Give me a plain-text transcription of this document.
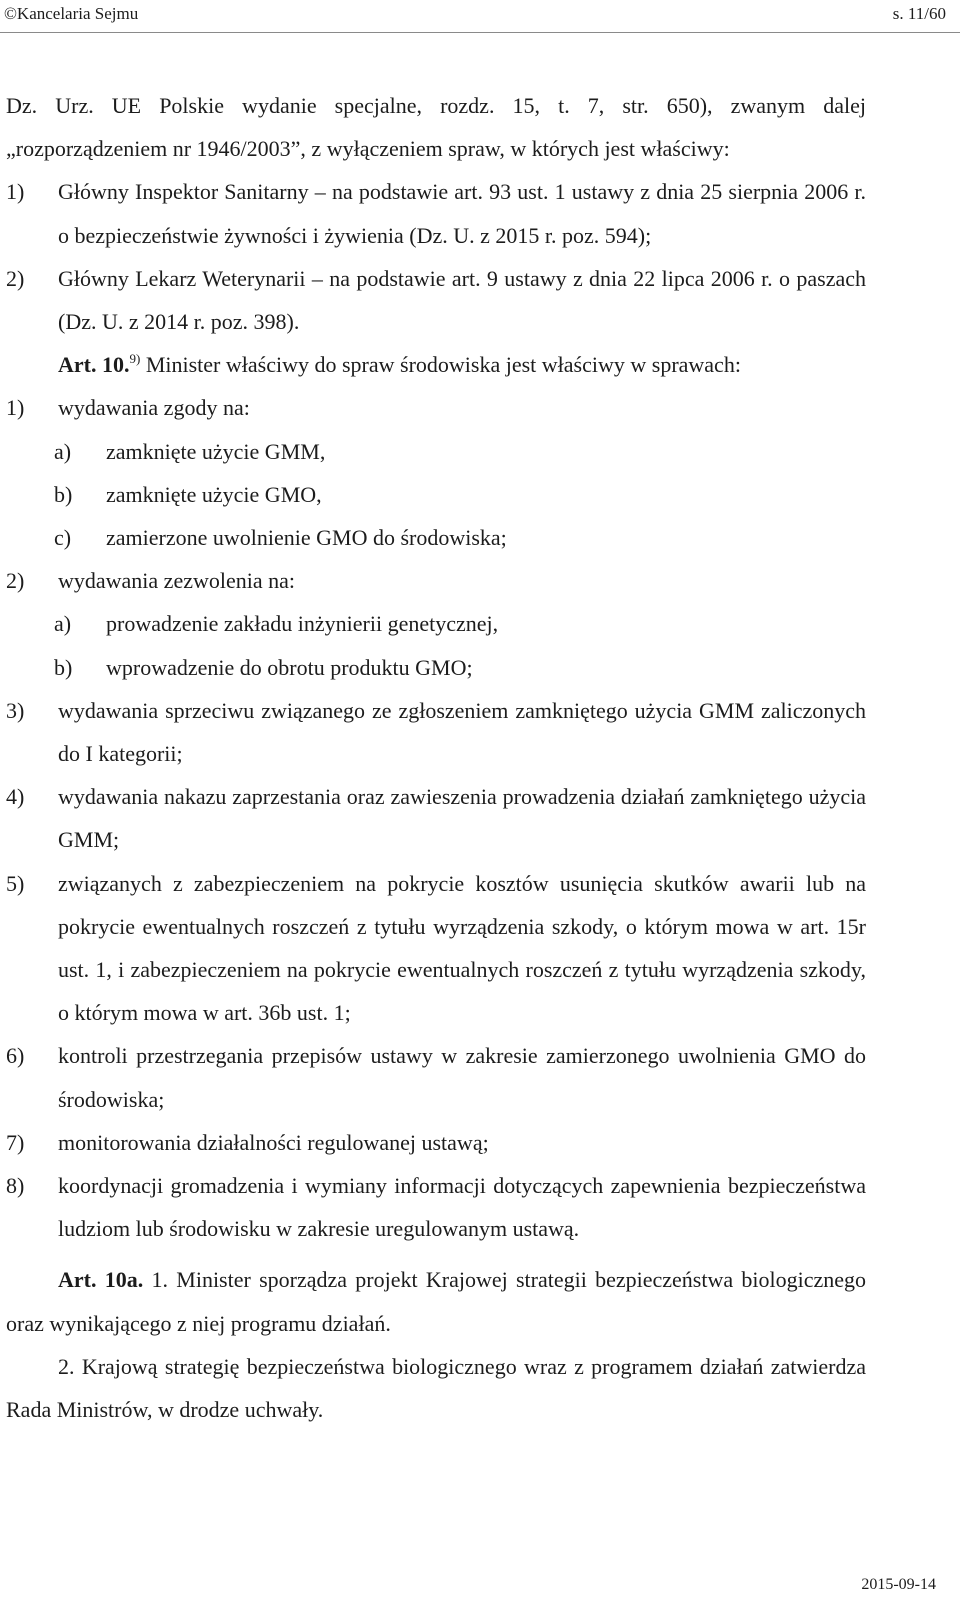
©Kancelaria Sejmu	s. 11/60

Dz. Urz. UE Polskie wydanie specjalne, rozdz. 15, t. 7, str. 650), zwanym dalej

„rozporządzeniem nr 1946/2003”, z wyłączeniem spraw, w których jest właściwy:

1) Główny Inspektor Sanitarny – na podstawie art. 93 ust. 1 ustawy z dnia 25 sierpnia 2006 r. o bezpieczeństwie żywności i żywienia (Dz. U. z 2015 r. poz. 594);

2) Główny Lekarz Weterynarii – na podstawie art. 9 ustawy z dnia 22 lipca 2006 r. o paszach (Dz. U. z 2014 r. poz. 398).

Art. 10.$^{9)}$ Minister właściwy do spraw środowiska jest właściwy w sprawach:

1) wydawania zgody na:

a) zamknięte użycie GMM,

b) zamknięte użycie GMO,

c) zamierzone uwolnienie GMO do środowiska;

2) wydawania zezwolenia na:

a) prowadzenie zakładu inżynierii genetycznej,

b) wprowadzenie do obrotu produktu GMO;

3) wydawania sprzeciwu związanego ze zgłoszeniem zamkniętego użycia GMM zaliczonych do I kategorii;

4) wydawania nakazu zaprzestania oraz zawieszenia prowadzenia działań zamkniętego użycia GMM;

5) związanych z zabezpieczeniem na pokrycie kosztów usunięcia skutków awarii lub na pokrycie ewentualnych roszczeń z tytułu wyrządzenia szkody, o którym mowa w art. 15r ust. 1, i zabezpieczeniem na pokrycie ewentualnych roszczeń z tytułu wyrządzenia szkody, o którym mowa w art. 36b ust. 1;

6) kontroli przestrzegania przepisów ustawy w zakresie zamierzonego uwolnienia GMO do środowiska;

7) monitorowania działalności regulowanej ustawą;

8) koordynacji gromadzenia i wymiany informacji dotyczących zapewnienia bezpieczeństwa ludziom lub środowisku w zakresie uregulowanym ustawą.

Art. 10a. 1. Minister sporządza projekt Krajowej strategii bezpieczeństwa biologicznego oraz wynikającego z niej programu działań.

2. Krajową strategię bezpieczeństwa biologicznego wraz z programem działań zatwierdza Rada Ministrów, w drodze uchwały.

2015-09-14
